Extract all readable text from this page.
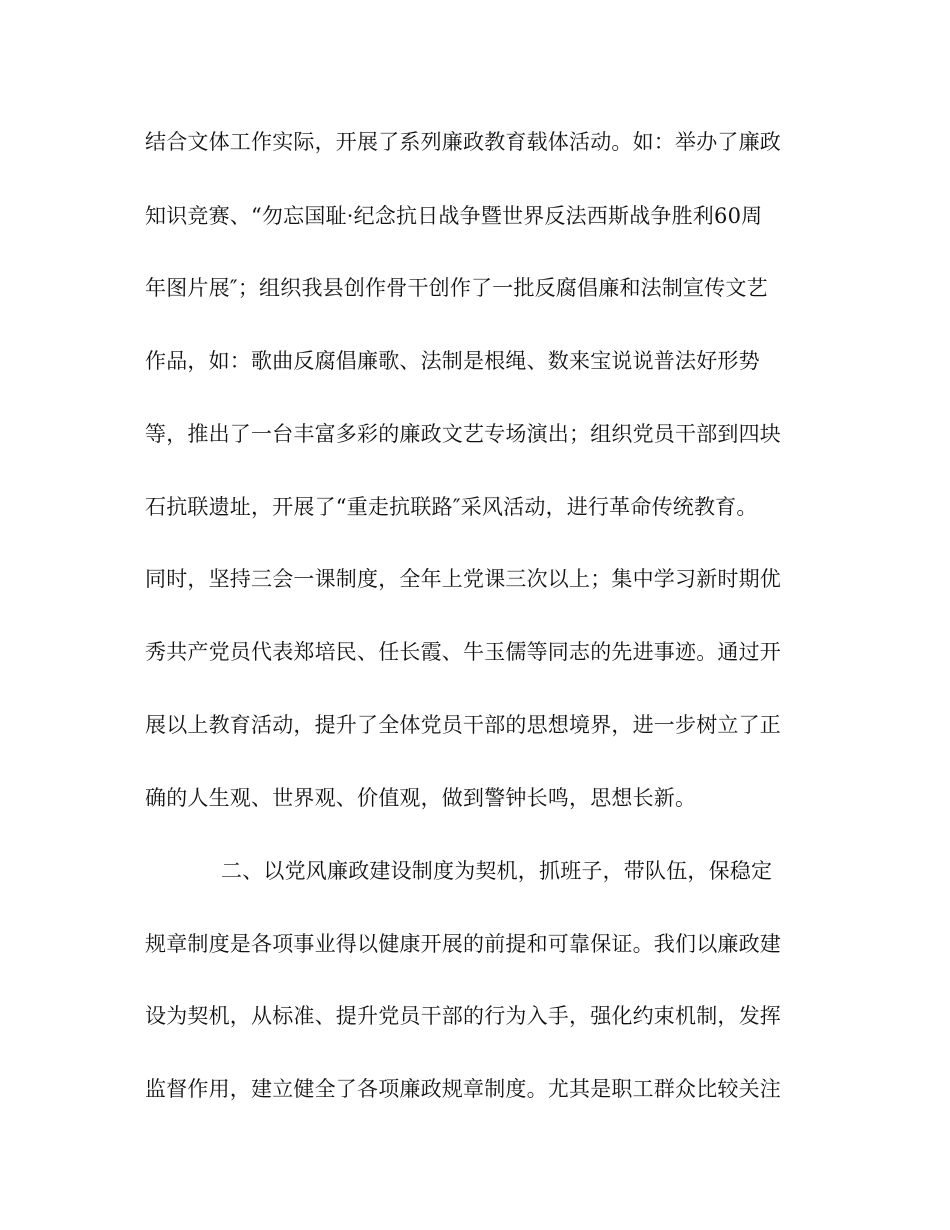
结合文体工作实际，开展了系列廉政教育载体活动。如：举办了廉政

知识竞赛、“勿忘国耻·纪念抗日战争暨世界反法西斯战争胜利60周

年图片展″；组织我县创作骨干创作了一批反腐倡廉和法制宣传文艺

作品，如：歌曲反腐倡廉歌、法制是根绳、数来宝说说普法好形势

等，推出了一台丰富多彩的廉政文艺专场演出；组织党员干部到四块

石抗联遗址，开展了“重走抗联路″采风活动，进行革命传统教育。

同时，坚持三会一课制度，全年上党课三次以上；集中学习新时期优

秀共产党员代表郑培民、任长霞、牛玉儒等同志的先进事迹。通过开

展以上教育活动，提升了全体党员干部的思想境界，进一步树立了正

确的人生观、世界观、价值观，做到警钟长鸣，思想长新。

二、以党风廉政建设制度为契机，抓班子，带队伍，保稳定

规章制度是各项事业得以健康开展的前提和可靠保证。我们以廉政建

设为契机，从标准、提升党员干部的行为入手，强化约束机制，发挥

监督作用，建立健全了各项廉政规章制度。尤其是职工群众比较关注
